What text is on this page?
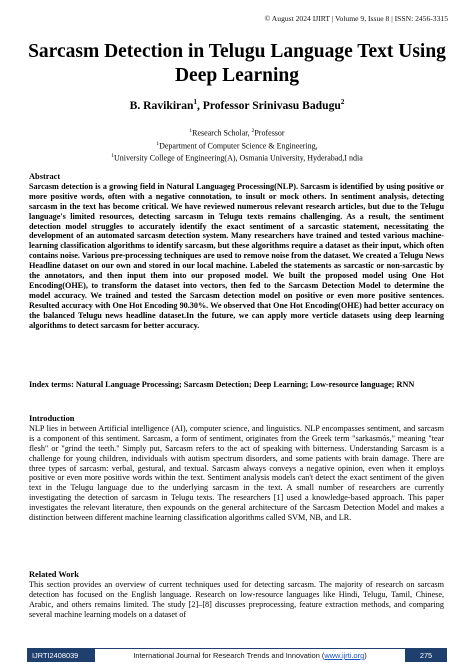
© August 2024 IJIRT | Volume 9, Issue 8 | ISSN: 2456-3315
Sarcasm Detection in Telugu Language Text Using
Deep Learning
B. Ravikiran$^1$, Professor Srinivasu Badugu$^2$
$^1$Research Scholar, $^2$Professor
$^1$Department of Computer Science & Engineering,
$^1$University College of Engineering(A), Osmania University, Hyderabad,I ndia
Abstract
Sarcasm detection is a growing field in Natural Languageg Processing(NLP). Sarcasm is identified by using positive or more positive words, often with a negative connotation, to insult or mock others. In sentiment analysis, detecting sarcasm in the text has become critical. We have reviewed numerous relevant research articles, but due to the Telugu language's limited resources, detecting sarcasm in Telugu texts remains challenging. As a result, the sentiment detection model struggles to accurately identify the exact sentiment of a sarcastic statement, necessitating the development of an automated sarcasm detection system. Many researchers have trained and tested various machine-learning classification algorithms to identify sarcasm, but these algorithms require a dataset as their input, which often contains noise. Various pre-processing techniques are used to remove noise from the dataset. We created a Telugu News Headline dataset on our own and stored in our local machine. Labeled the statements as sarcastic or non-sarcastic by the annotators, and then input them into our proposed model. We built the proposed model using One Hot Encoding(OHE), to transform the dataset into vectors, then fed to the Sarcasm Detection Model to determine the model accuracy. We trained and tested the Sarcasm detection model on positive or even more positive sentences. Resulted accuracy with One Hot Encoding 90.30%. We observed that One Hot Encoding(OHE) had better accuracy on the balanced Telugu news headline dataset.In the future, we can apply more verticle datasets using deep learning algorithms to detect sarcasm for better accuracy.
Index terms: Natural Language Processing; Sarcasm Detection; Deep Learning; Low-resource language; RNN
Introduction
NLP lies in between Artificial intelligence (AI), computer science, and linguistics. NLP encompasses sentiment, and sarcasm is a component of this sentiment. Sarcasm, a form of sentiment, originates from the Greek term "sarkasmós," meaning "tear flesh" or "grind the teeth." Simply put, Sarcasm refers to the act of speaking with bitterness. Understanding Sarcasm is a challenge for young children, individuals with autism spectrum disorders, and some patients with brain damage. There are three types of sarcasm: verbal, gestural, and textual. Sarcasm always conveys a negative opinion, even when it employs positive or even more positive words within the text. Sentiment analysis models can't detect the exact sentiment of the given text in the Telugu language due to the underlying sarcasm in the text. A small number of researchers are currently investigating the detection of sarcasm in Telugu texts. The researchers [1] used a knowledge-based approach. This paper investigates the relevant literature, then expounds on the general architecture of the Sarcasm Detection Model and makes a distinction between different machine learning classification algorithms called SVM, NB, and LR.
Related Work
This section provides an overview of current techniques used for detecting sarcasm. The majority of research on sarcasm detection has focused on the English language. Research on low-resource languages like Hindi, Telugu, Tamil, Chinese, Arabic, and others remains limited. The study [2]–[8] discusses preprocessing, feature extraction methods, and comparing several machine learning models on a dataset of
IJRTI2408039	International Journal for Research Trends and Innovation (www.ijrti.org)	275
